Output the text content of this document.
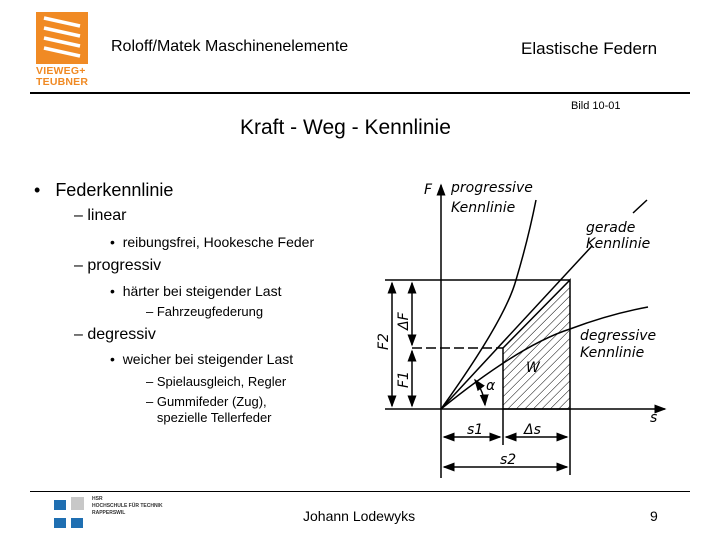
VIEWEG+
TEUBNER
Roloff/Matek Maschinenelemente	Elastische Federn
Bild 10-01
Kraft - Weg - Kennlinie
•   Federkennlinie
– linear
•  reibungsfrei, Hookesche Feder
– progressiv
•  härter bei steigender Last
– Fahrzeugfederung
– degressiv
•  weicher bei steigender Last
– Spielausgleich, Regler
– Gummifeder (Zug),
spezielle Tellerfeder
F
s
progressive
Kennlinie
gerade
Kennlinie
degressive
Kennlinie
W
α
s1	Δs
s2
F2
ΔF
F1
HSR
HOCHSCHULE FÜR TECHNIK
RAPPERSWIL	Johann Lodewyks	9
